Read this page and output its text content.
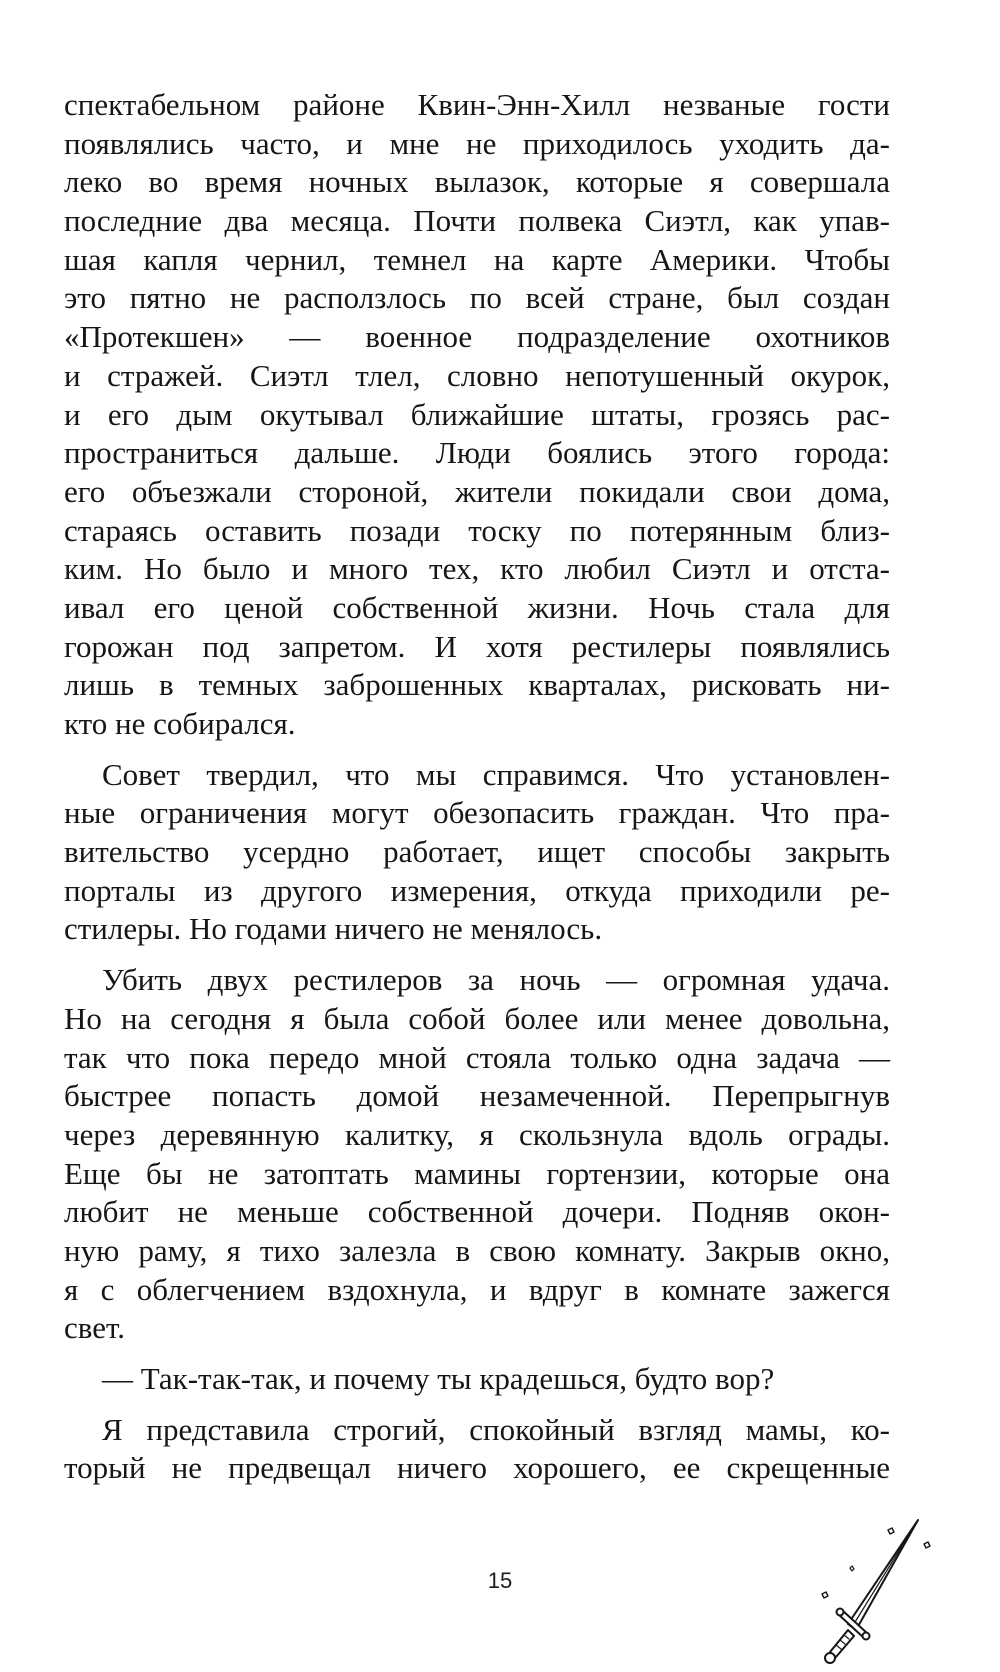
спектабельном районе Квин-Энн-Хилл незваные гости
появлялись часто, и мне не приходилось уходить да-
леко во время ночных вылазок, которые я совершала
последние два месяца. Почти полвека Сиэтл, как упав-
шая капля чернил, темнел на карте Америки. Чтобы
это пятно не расползлось по всей стране, был создан
«Протекшен» — военное подразделение охотников
и стражей. Сиэтл тлел, словно непотушенный окурок,
и его дым окутывал ближайшие штаты, грозясь рас-
пространиться дальше. Люди боялись этого города:
его объезжали стороной, жители покидали свои дома,
стараясь оставить позади тоску по потерянным близ-
ким. Но было и много тех, кто любил Сиэтл и отста-
ивал его ценой собственной жизни. Ночь стала для
горожан под запретом. И хотя рестилеры появлялись
лишь в темных заброшенных кварталах, рисковать ни-
кто не собирался.
Совет твердил, что мы справимся. Что установлен-
ные ограничения могут обезопасить граждан. Что пра-
вительство усердно работает, ищет способы закрыть
порталы из другого измерения, откуда приходили ре-
стилеры. Но годами ничего не менялось.
Убить двух рестилеров за ночь — огромная удача.
Но на сегодня я была собой более или менее довольна,
так что пока передо мной стояла только одна задача —
быстрее попасть домой незамеченной. Перепрыгнув
через деревянную калитку, я скользнула вдоль ограды.
Еще бы не затоптать мамины гортензии, которые она
любит не меньше собственной дочери. Подняв окон-
ную раму, я тихо залезла в свою комнату. Закрыв окно,
я с облегчением вздохнула, и вдруг в комнате зажегся
свет.
— Так-так-так, и почему ты крадешься, будто вор?
Я представила строгий, спокойный взгляд мамы, ко-
торый не предвещал ничего хорошего, ее скрещенные
15
